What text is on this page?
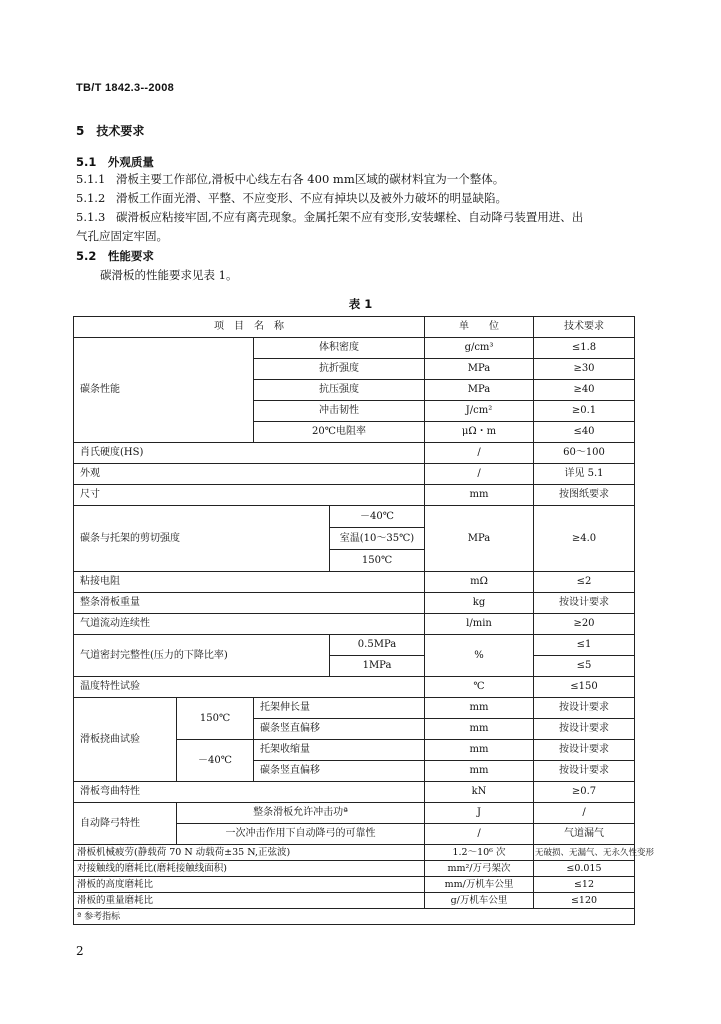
TB/T 1842.3--2008
5　技术要求
5.1　外观质量
5.1.1 滑板主要工作部位,滑板中心线左右各 400 mm区域的碳材料宜为一个整体。
5.1.2 滑板工作面光滑、平整、不应变形、不应有掉块以及被外力破坏的明显缺陷。
5.1.3 碳滑板应粘接牢固,不应有离壳现象。金属托架不应有变形,安装螺栓、自动降弓装置用进、出
气孔应固定牢固。
5.2　性能要求
碳滑板的性能要求见表 1。
表 1
项　目　名　称				单　　位	技术要求
碳条性能		体积密度		g/cm³	≤1.8
		抗折强度		MPa	≥30
		抗压强度		MPa	≥40
		冲击韧性		J/cm²	≥0.1
		20℃电阻率		μΩ・m	≤40
肖氏硬度(HS)				/	60～100
外观				/	详见 5.1
尺寸				mm	按图纸要求
碳条与托架的剪切强度			－40℃	MPa	≥4.0
			室温(10～35℃)		
			150℃		
粘接电阻				mΩ	≤2
整条滑板重量				kg	按设计要求
气道流动连续性				l/min	≥20
气道密封完整性(压力的下降比率)			0.5MPa	%	≤1
			1MPa		≤5
温度特性试验				℃	≤150
滑板挠曲试验	150℃	托架伸长量		mm	按设计要求
		碳条竖直偏移		mm	按设计要求
	－40℃	托架收缩量		mm	按设计要求
		碳条竖直偏移		mm	按设计要求
滑板弯曲特性				kN	≥0.7
自动降弓特性	整条滑板允许冲击功ª			J	/
	一次冲击作用下自动降弓的可靠性			/	气道漏气
滑板机械疲劳(静载荷 70 N 动载荷±35 N,正弦波)				1.2～10⁶ 次	无破损、无漏气、无永久性变形
对接触线的磨耗比(磨耗接触线面积)				mm²/万弓架次	≤0.015
滑板的高度磨耗比				mm/万机车公里	≤12
滑板的重量磨耗比				g/万机车公里	≤120
ª 参考指标					
2
